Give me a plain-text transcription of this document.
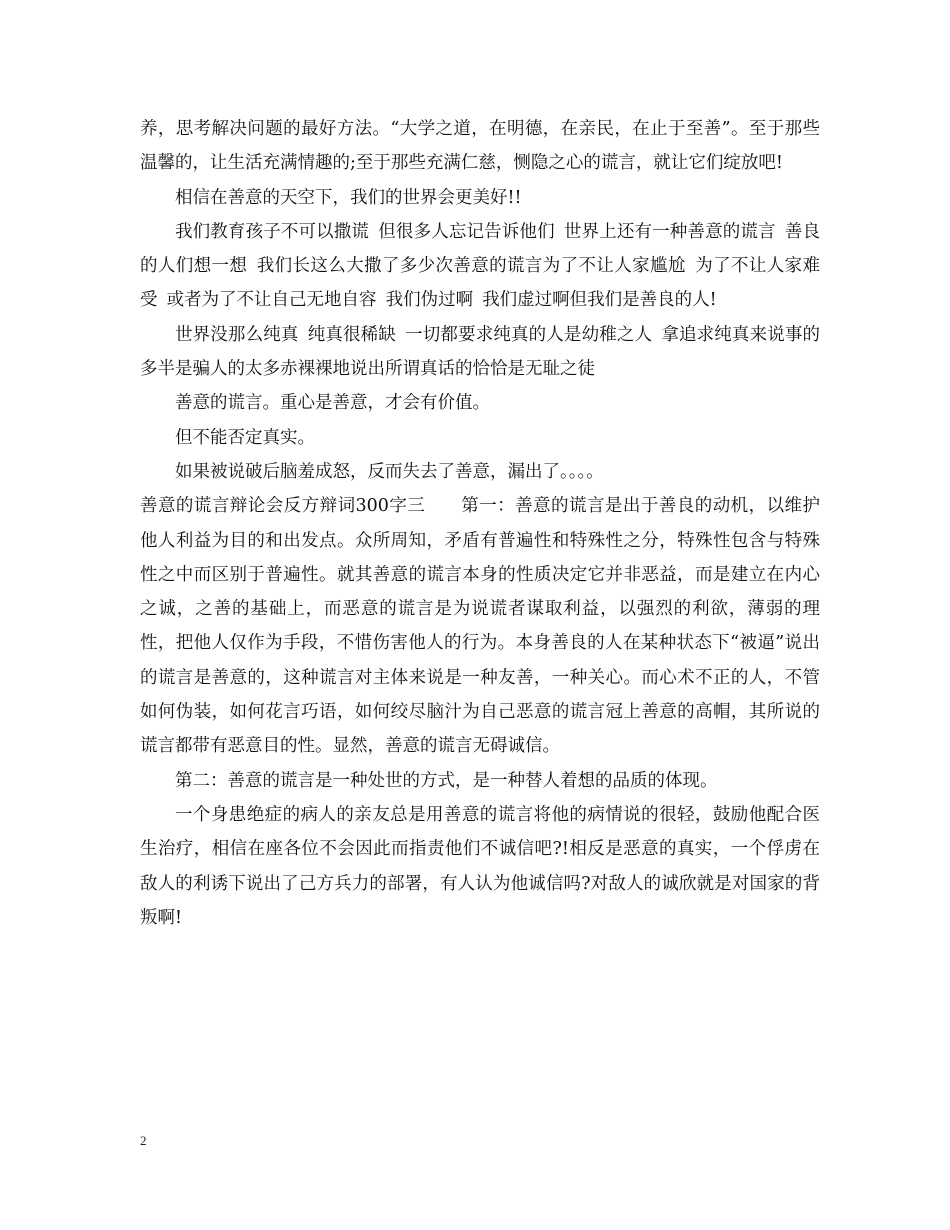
养，思考解决问题的最好方法。“大学之道，在明德，在亲民，在止于至善”。至于那些温馨的，让生活充满情趣的;至于那些充满仁慈，恻隐之心的谎言，就让它们绽放吧!

相信在善意的天空下，我们的世界会更美好!!

我们教育孩子不可以撒谎 但很多人忘记告诉他们 世界上还有一种善意的谎言 善良的人们想一想 我们长这么大撒了多少次善意的谎言为了不让人家尴尬 为了不让人家难受 或者为了不让自己无地自容 我们伪过啊 我们虚过啊但我们是善良的人!

世界没那么纯真 纯真很稀缺 一切都要求纯真的人是幼稚之人 拿追求纯真来说事的多半是骗人的太多赤裸裸地说出所谓真话的恰恰是无耻之徒

善意的谎言。重心是善意，才会有价值。

但不能否定真实。

如果被说破后脑羞成怒，反而失去了善意，漏出了。。。。

善意的谎言辩论会反方辩词300字三　　第一：善意的谎言是出于善良的动机，以维护他人利益为目的和出发点。众所周知，矛盾有普遍性和特殊性之分，特殊性包含与特殊性之中而区别于普遍性。就其善意的谎言本身的性质决定它并非恶益，而是建立在内心之诚，之善的基础上，而恶意的谎言是为说谎者谋取利益，以强烈的利欲，薄弱的理性，把他人仅作为手段，不惜伤害他人的行为。本身善良的人在某种状态下“被逼”说出的谎言是善意的，这种谎言对主体来说是一种友善，一种关心。而心术不正的人，不管如何伪装，如何花言巧语，如何绞尽脑汁为自己恶意的谎言冠上善意的高帽，其所说的谎言都带有恶意目的性。显然，善意的谎言无碍诚信。

第二：善意的谎言是一种处世的方式，是一种替人着想的品质的体现。

一个身患绝症的病人的亲友总是用善意的谎言将他的病情说的很轻，鼓励他配合医生治疗，相信在座各位不会因此而指责他们不诚信吧?!相反是恶意的真实，一个俘虏在敌人的利诱下说出了己方兵力的部署，有人认为他诚信吗?对敌人的诚欣就是对国家的背叛啊!

2
